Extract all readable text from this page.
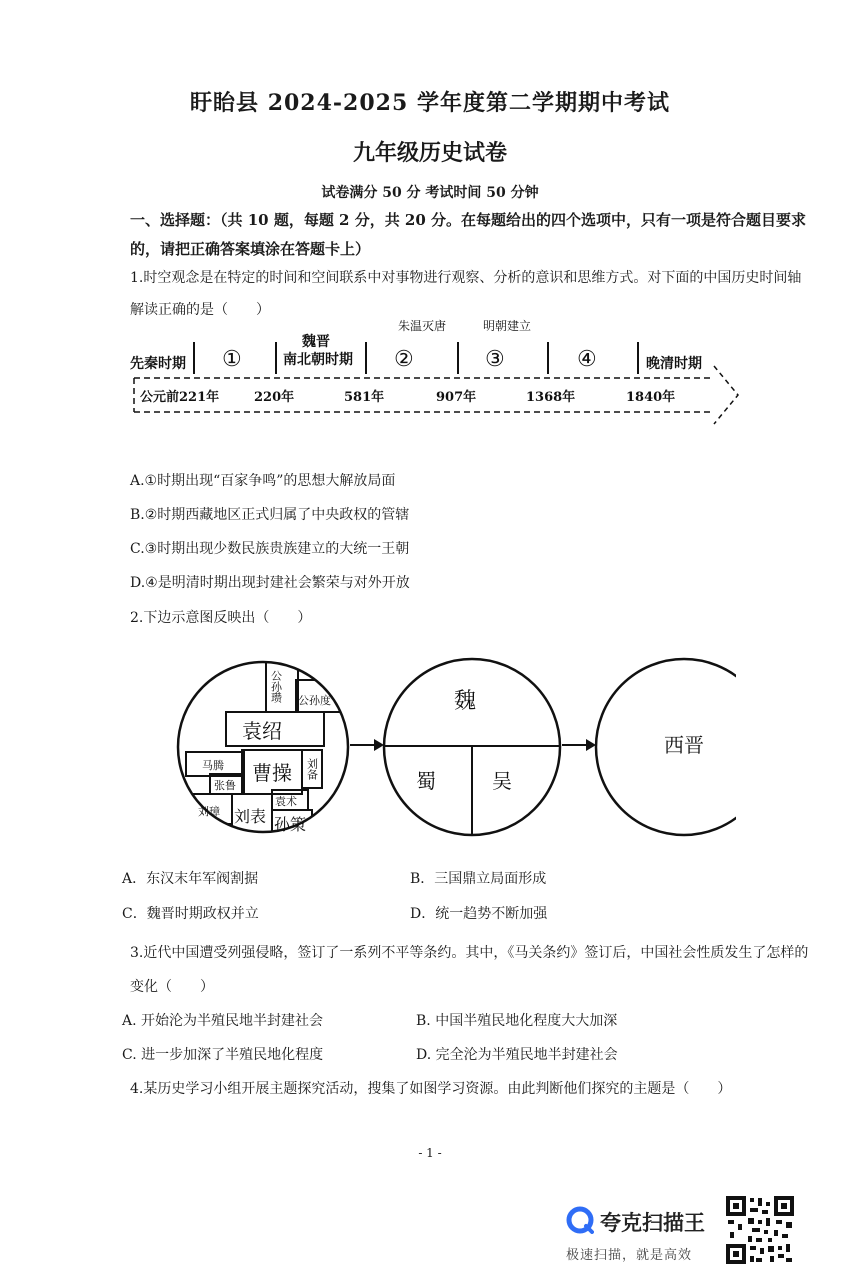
盱眙县 2024-2025 学年度第二学期期中考试
九年级历史试卷
试卷满分 50 分 考试时间 50 分钟
一、选择题：（共 10 题，每题 2 分，共 20 分。在每题给出的四个选项中，只有一项是符合题目要求的，请把正确答案填涂在答题卡上）
1.时空观念是在特定的时间和空间联系中对事物进行观察、分析的意识和思维方式。对下面的中国历史时间轴解读正确的是（　　）
朱温灭唐	明朝建立
先秦时期 ①
魏晋
南北朝时期 ②	③	④	晚清时期
公元前221年	220年	581年	907年	1368年	1840年
A.①时期出现“百家争鸣”的思想大解放局面
B.②时期西藏地区正式归属了中央政权的管辖
C.③时期出现少数民族贵族建立的大统一王朝
D.④是明清时期出现封建社会繁荣与对外开放
2.下边示意图反映出（　　）
公孙瓒 公孙度
袁绍
马腾
张鲁
曹操 刘备
刘璋 刘表
袁术
孙策
魏
蜀	吴
西晋
A．东汉末年军阀割据	B．三国鼎立局面形成
C．魏晋时期政权并立	D．统一趋势不断加强
3.近代中国遭受列强侵略，签订了一系列不平等条约。其中，《马关条约》签订后，中国社会性质发生了怎样的变化（　　）
A. 开始沦为半殖民地半封建社会	B. 中国半殖民地化程度大大加深
C. 进一步加深了半殖民地化程度	D. 完全沦为半殖民地半封建社会
4.某历史学习小组开展主题探究活动，搜集了如图学习资源。由此判断他们探究的主题是（　　）
- 1 -
夸克扫描王
极速扫描，就是高效
